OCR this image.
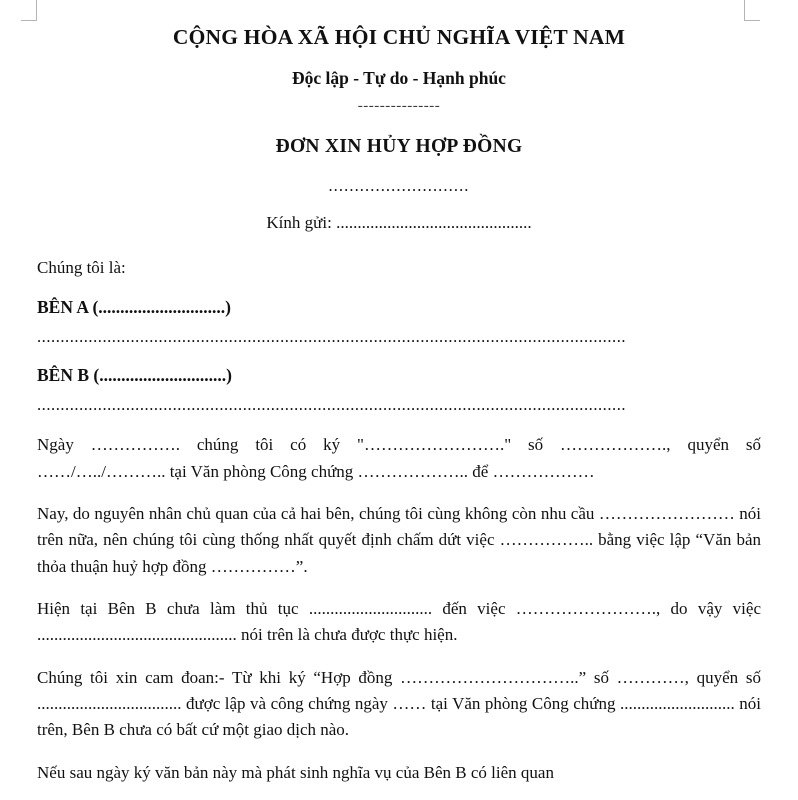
CỘNG HÒA XÃ HỘI CHỦ NGHĨA VIỆT NAM
Độc lập - Tự do - Hạnh phúc
---------------
ĐƠN XIN HỦY HỢP ĐỒNG
...........................
Kính gửi: ..............................................
Chúng tôi là:
BÊN A (.............................)
..............................................................................................................................
BÊN B (.............................)
..............................................................................................................................
Ngày ……………. chúng tôi có ký "……………………." số ………………., quyển số ……/…../……….. tại Văn phòng Công chứng ……………….. để ………………
Nay, do nguyên nhân chủ quan của cả hai bên, chúng tôi cùng không còn nhu cầu …………………… nói trên nữa, nên chúng tôi cùng thống nhất quyết định chấm dứt việc …………….. bằng việc lập “Văn bản thỏa thuận huỷ hợp đồng ……………”.
Hiện tại Bên B chưa làm thủ tục ............................. đến việc ……………………., do vậy việc ............................................... nói trên là chưa được thực hiện.
Chúng tôi xin cam đoan:- Từ khi ký “Hợp đồng …………………………..” số …………, quyển số .................................. được lập và công chứng ngày …… tại Văn phòng Công chứng ........................... nói trên, Bên B chưa có bất cứ một giao dịch nào.
Nếu sau ngày ký văn bản này mà phát sinh nghĩa vụ của Bên B có liên quan
